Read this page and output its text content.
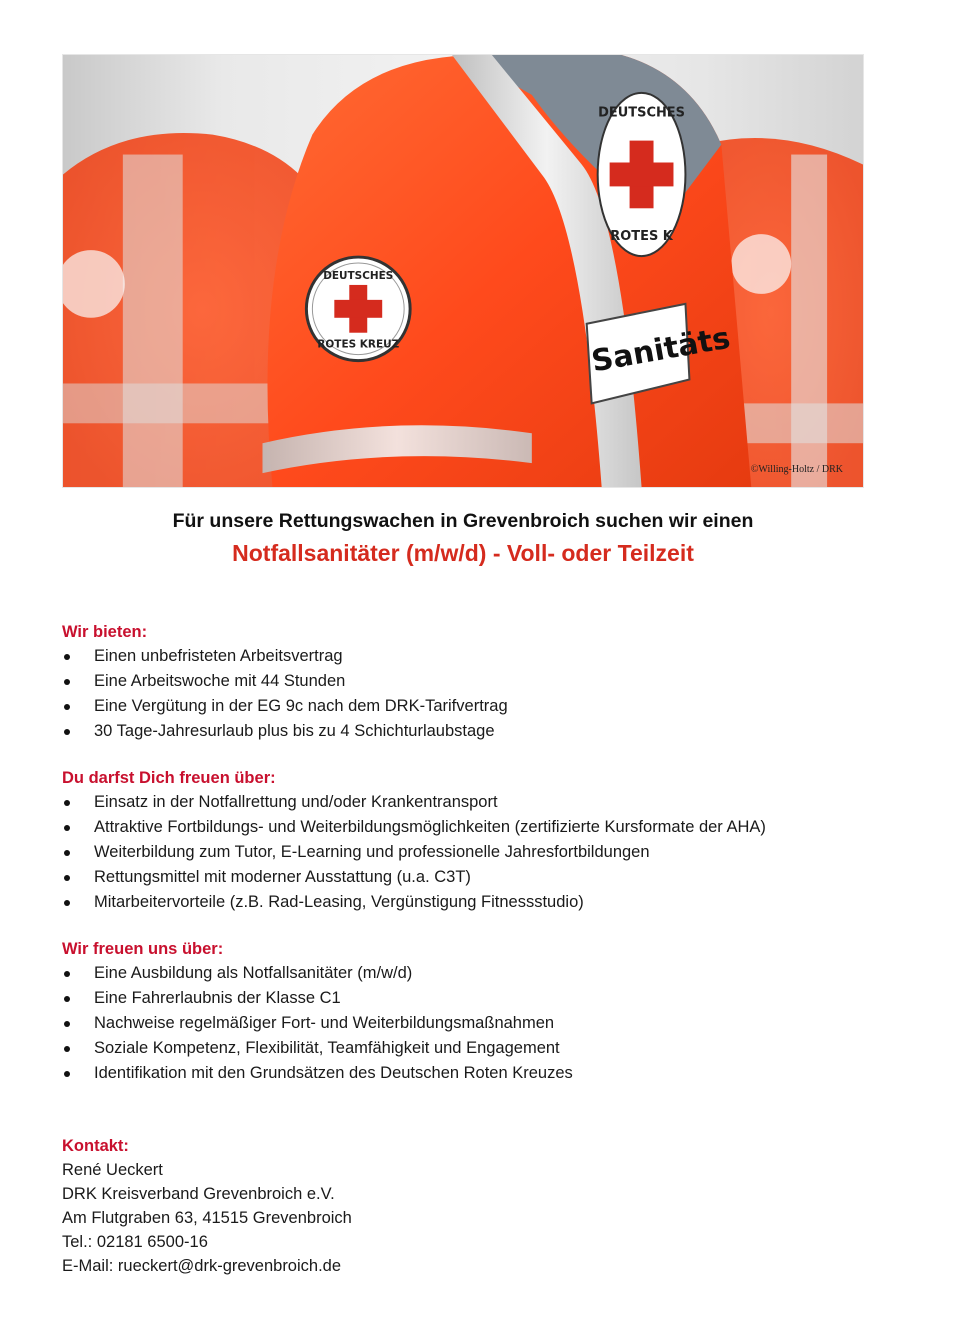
DEUTSCHES
ROTES K
Sanitäts
DEUTSCHES
ROTES KREUZ
©Willing-Holtz / DRK
Für unsere Rettungswachen in Grevenbroich suchen wir einen
Notfallsanitäter (m/w/d) - Voll- oder Teilzeit
Wir bieten:
Einen unbefristeten Arbeitsvertrag
Eine Arbeitswoche mit 44 Stunden
Eine Vergütung in der EG 9c nach dem DRK-Tarifvertrag
30 Tage-Jahresurlaub plus bis zu 4 Schichturlaubstage
Du darfst Dich freuen über:
Einsatz in der Notfallrettung und/oder Krankentransport
Attraktive Fortbildungs- und Weiterbildungsmöglichkeiten (zertifizierte Kursformate der AHA)
Weiterbildung zum Tutor, E-Learning und professionelle Jahresfortbildungen
Rettungsmittel mit moderner Ausstattung (u.a. C3T)
Mitarbeitervorteile (z.B. Rad-Leasing, Vergünstigung Fitnessstudio)
Wir freuen uns über:
Eine Ausbildung als Notfallsanitäter (m/w/d)
Eine Fahrerlaubnis der Klasse C1
Nachweise regelmäßiger Fort- und Weiterbildungsmaßnahmen
Soziale Kompetenz, Flexibilität, Teamfähigkeit und Engagement
Identifikation mit den Grundsätzen des Deutschen Roten Kreuzes
Kontakt:
René Ueckert
DRK Kreisverband Grevenbroich e.V.
Am Flutgraben 63, 41515 Grevenbroich
Tel.: 02181 6500-16
E-Mail: rueckert@drk-grevenbroich.de
